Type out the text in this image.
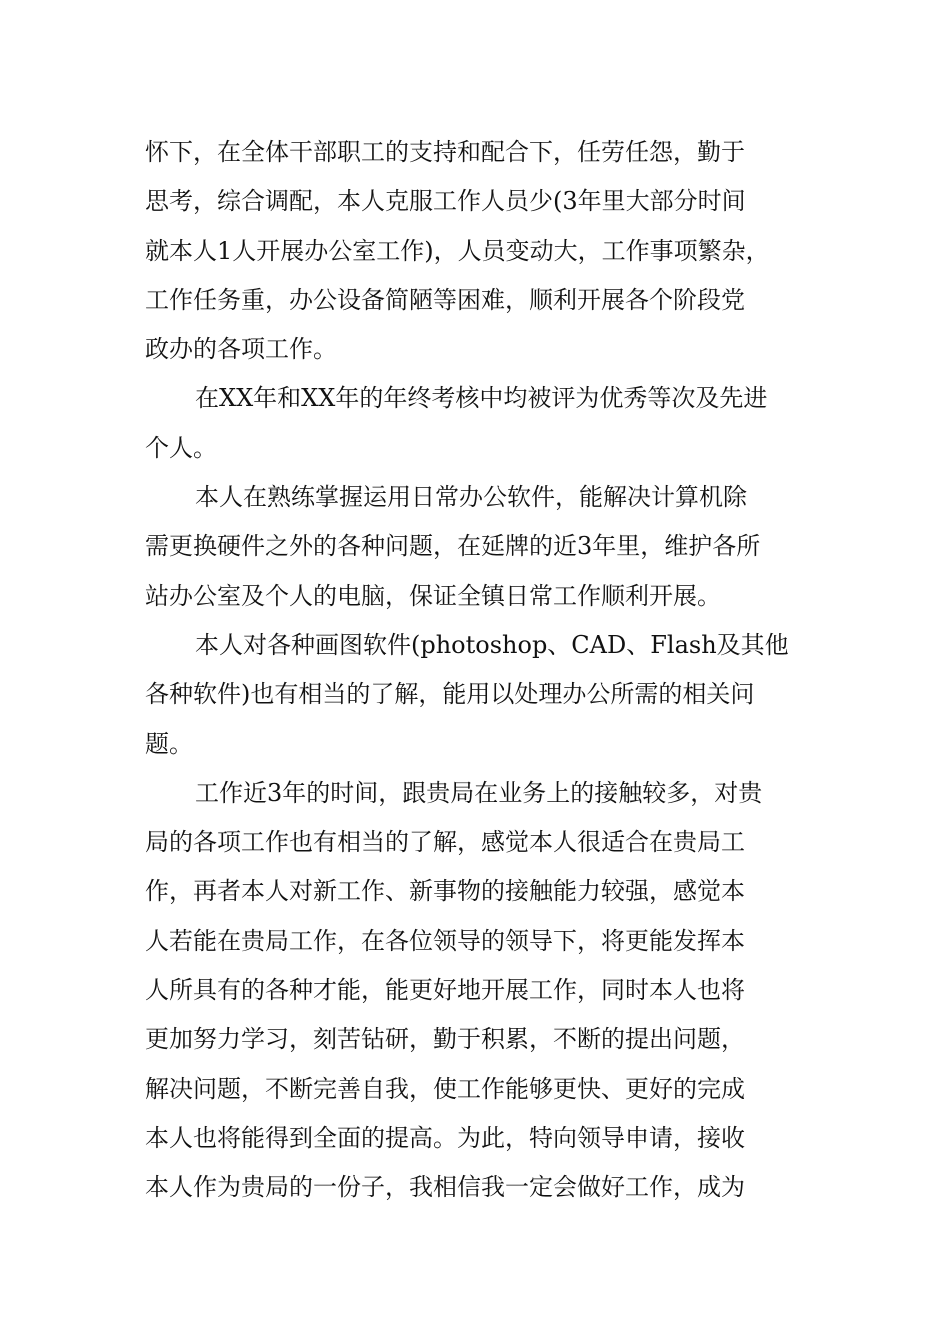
怀下，在全体干部职工的支持和配合下，任劳任怨，勤于
思考，综合调配，本人克服工作人员少(3年里大部分时间
就本人1人开展办公室工作)，人员变动大，工作事项繁杂，
工作任务重，办公设备简陋等困难，顺利开展各个阶段党
政办的各项工作。
在XX年和XX年的年终考核中均被评为优秀等次及先进
个人。
本人在熟练掌握运用日常办公软件，能解决计算机除
需更换硬件之外的各种问题，在延牌的近3年里，维护各所
站办公室及个人的电脑，保证全镇日常工作顺利开展。
本人对各种画图软件(photoshop、CAD、Flash及其他
各种软件)也有相当的了解，能用以处理办公所需的相关问
题。
工作近3年的时间，跟贵局在业务上的接触较多，对贵
局的各项工作也有相当的了解，感觉本人很适合在贵局工
作，再者本人对新工作、新事物的接触能力较强，感觉本
人若能在贵局工作，在各位领导的领导下，将更能发挥本
人所具有的各种才能，能更好地开展工作，同时本人也将
更加努力学习，刻苦钻研，勤于积累，不断的提出问题，
解决问题，不断完善自我，使工作能够更快、更好的完成
本人也将能得到全面的提高。为此，特向领导申请，接收
本人作为贵局的一份子，我相信我一定会做好工作，成为
